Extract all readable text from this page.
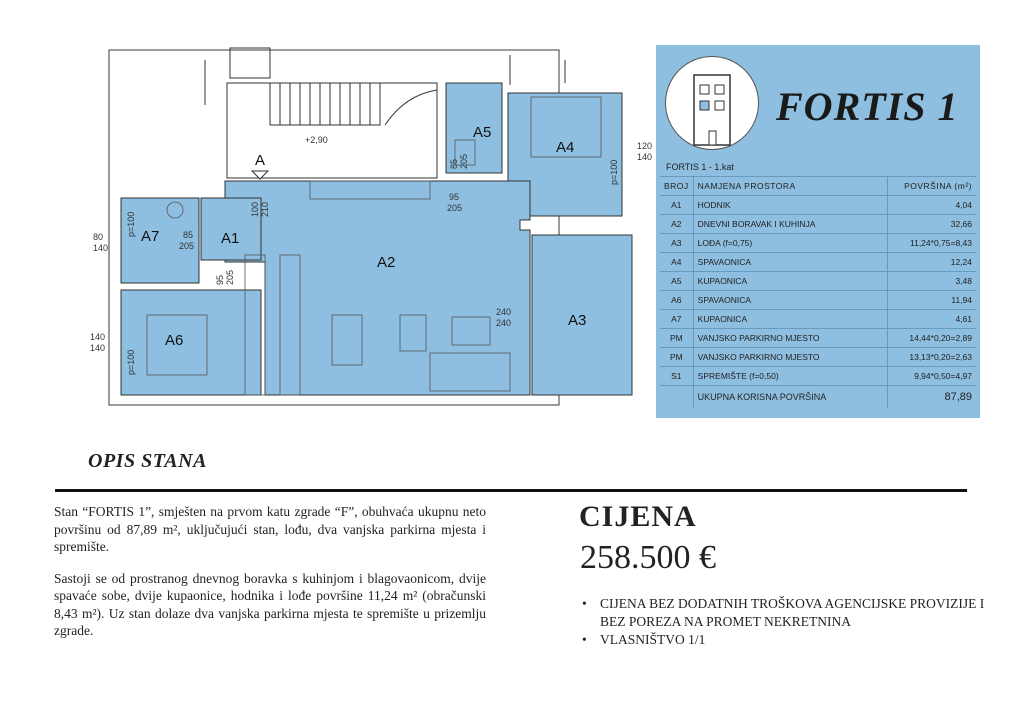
A1
A2
A3
A4
A5
A6
A7
A
+2,90
85 205
120
140
80
140
85
205
100 210
95
205
95 205
240
240
140
140
p=100
p=100
p=100
FORTIS 1
FORTIS 1 - 1.kat
BROJ	NAMJENA PROSTORA	POVRŠINA (m²)
A1	HODNIK	4,04
A2	DNEVNI BORAVAK I KUHINJA	32,66
A3	LOĐA (f=0,75)	11,24*0,75=8,43
A4	SPAVAONICA	12,24
A5	KUPAONICA	3,48
A6	SPAVAONICA	11,94
A7	KUPAONICA	4,61
PM	VANJSKO PARKIRNO MJESTO	14,44*0,20=2,89
PM	VANJSKO PARKIRNO MJESTO	13,13*0,20=2,63
S1	SPREMIŠTE (f=0,50)	9,94*0,50=4,97
	UKUPNA KORISNA POVRŠINA	87,89
OPIS STANA

Stan “FORTIS 1”, smješten na prvom katu zgrade “F”, obuhvaća ukupnu neto površinu od 87,89 m², uključujući stan, lođu, dva vanjska parkirna mjesta i spremište.

Sastoji se od prostranog dnevnog boravka s kuhinjom i blagovaonicom, dvije spavaće sobe, dvije kupaonice, hodnika i lođe površine 11,24 m² (obračunski 8,43 m²). Uz stan dolaze dva vanjska parkirna mjesta te spremište u prizemlju zgrade.

CIJENA
258.500 €
• CIJENA BEZ DODATNIH TROŠKOVA AGENCIJSKE PROVIZIJE I BEZ POREZA NA PROMET NEKRETNINA
• VLASNIŠTVO 1/1
